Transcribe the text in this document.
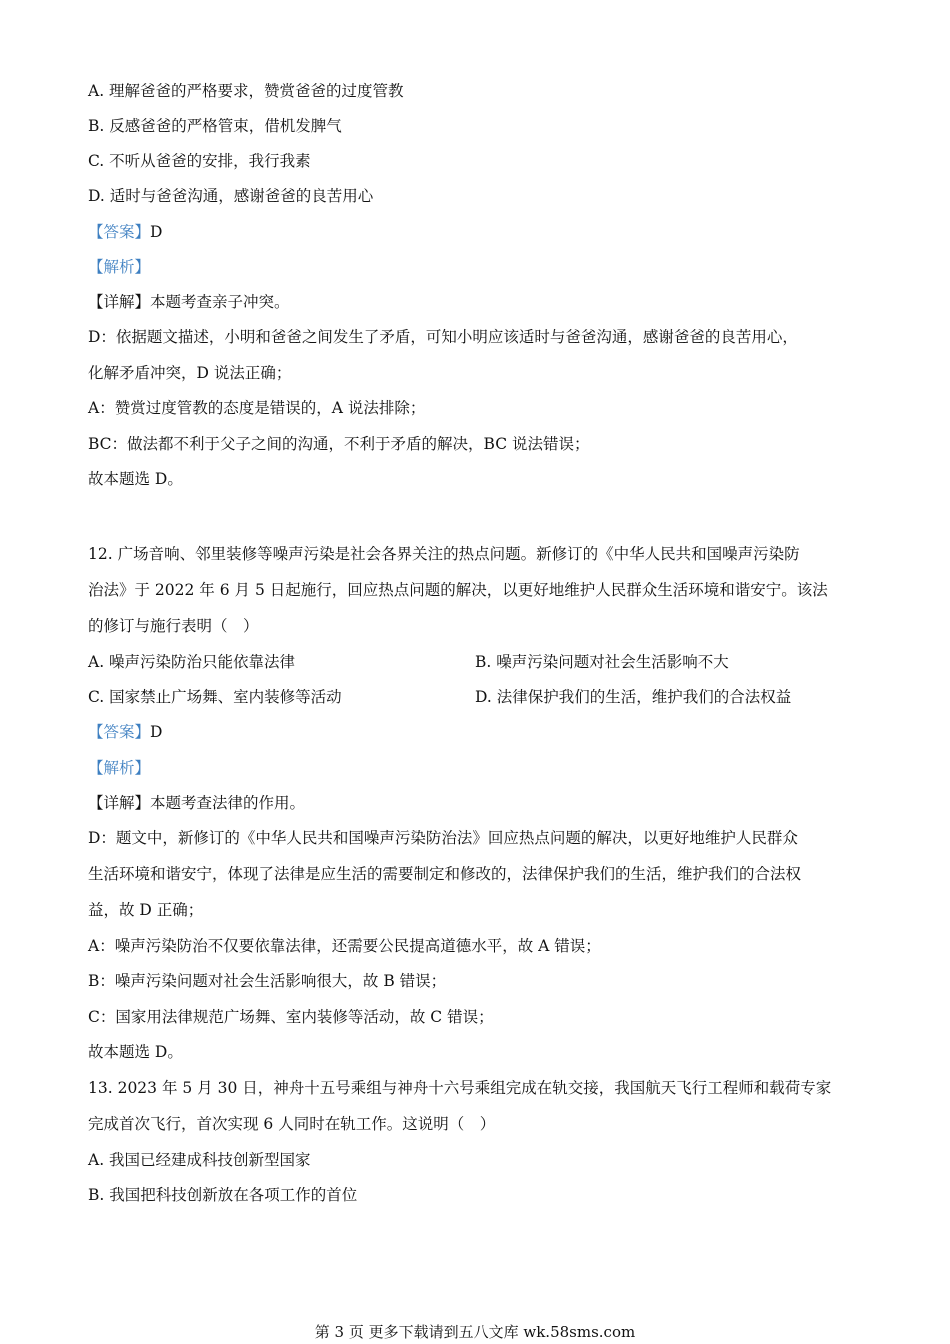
A. 理解爸爸的严格要求，赞赏爸爸的过度管教
B. 反感爸爸的严格管束，借机发脾气
C. 不听从爸爸的安排，我行我素
D. 适时与爸爸沟通，感谢爸爸的良苦用心
【答案】D
【解析】
【详解】本题考查亲子冲突。
D：依据题文描述，小明和爸爸之间发生了矛盾，可知小明应该适时与爸爸沟通，感谢爸爸的良苦用心，
化解矛盾冲突，D 说法正确；
A：赞赏过度管教的态度是错误的，A 说法排除；
BC：做法都不利于父子之间的沟通，不利于矛盾的解决，BC 说法错误；
故本题选 D。
12. 广场音响、邻里装修等噪声污染是社会各界关注的热点问题。新修订的《中华人民共和国噪声污染防
治法》于 2022 年 6 月 5 日起施行，回应热点问题的解决，以更好地维护人民群众生活环境和谐安宁。该法
的修订与施行表明（　）
A. 噪声污染防治只能依靠法律	B. 噪声污染问题对社会生活影响不大
C. 国家禁止广场舞、室内装修等活动	D. 法律保护我们的生活，维护我们的合法权益
【答案】D
【解析】
【详解】本题考查法律的作用。
D：题文中，新修订的《中华人民共和国噪声污染防治法》回应热点问题的解决，以更好地维护人民群众
生活环境和谐安宁，体现了法律是应生活的需要制定和修改的，法律保护我们的生活，维护我们的合法权
益，故 D 正确；
A：噪声污染防治不仅要依靠法律，还需要公民提高道德水平，故 A 错误；
B：噪声污染问题对社会生活影响很大，故 B 错误；
C：国家用法律规范广场舞、室内装修等活动，故 C 错误；
故本题选 D。
13. 2023 年 5 月 30 日，神舟十五号乘组与神舟十六号乘组完成在轨交接，我国航天飞行工程师和载荷专家
完成首次飞行，首次实现 6 人同时在轨工作。这说明（　）
A. 我国已经建成科技创新型国家
B. 我国把科技创新放在各项工作的首位
第 3 页 更多下载请到五八文库 wk.58sms.com
